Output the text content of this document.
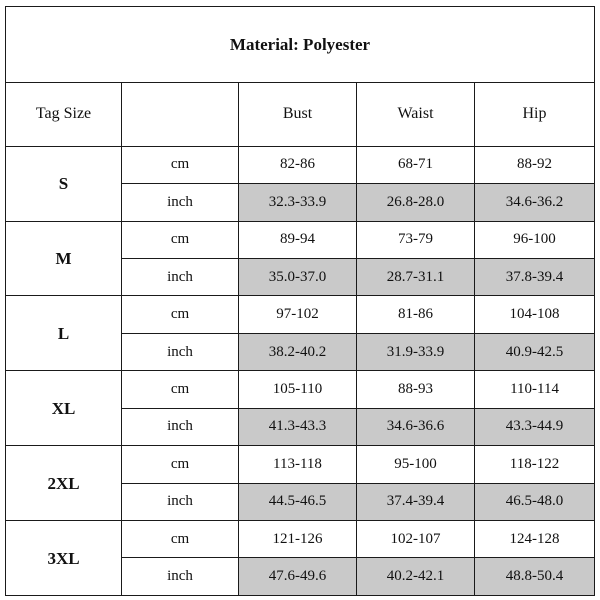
Material: Polyester				
Tag Size		Bust	Waist	Hip
S	cm	82-86	68-71	88-92
	inch	32.3-33.9	26.8-28.0	34.6-36.2
M	cm	89-94	73-79	96-100
	inch	35.0-37.0	28.7-31.1	37.8-39.4
L	cm	97-102	81-86	104-108
	inch	38.2-40.2	31.9-33.9	40.9-42.5
XL	cm	105-110	88-93	110-114
	inch	41.3-43.3	34.6-36.6	43.3-44.9
2XL	cm	113-118	95-100	118-122
	inch	44.5-46.5	37.4-39.4	46.5-48.0
3XL	cm	121-126	102-107	124-128
	inch	47.6-49.6	40.2-42.1	48.8-50.4
